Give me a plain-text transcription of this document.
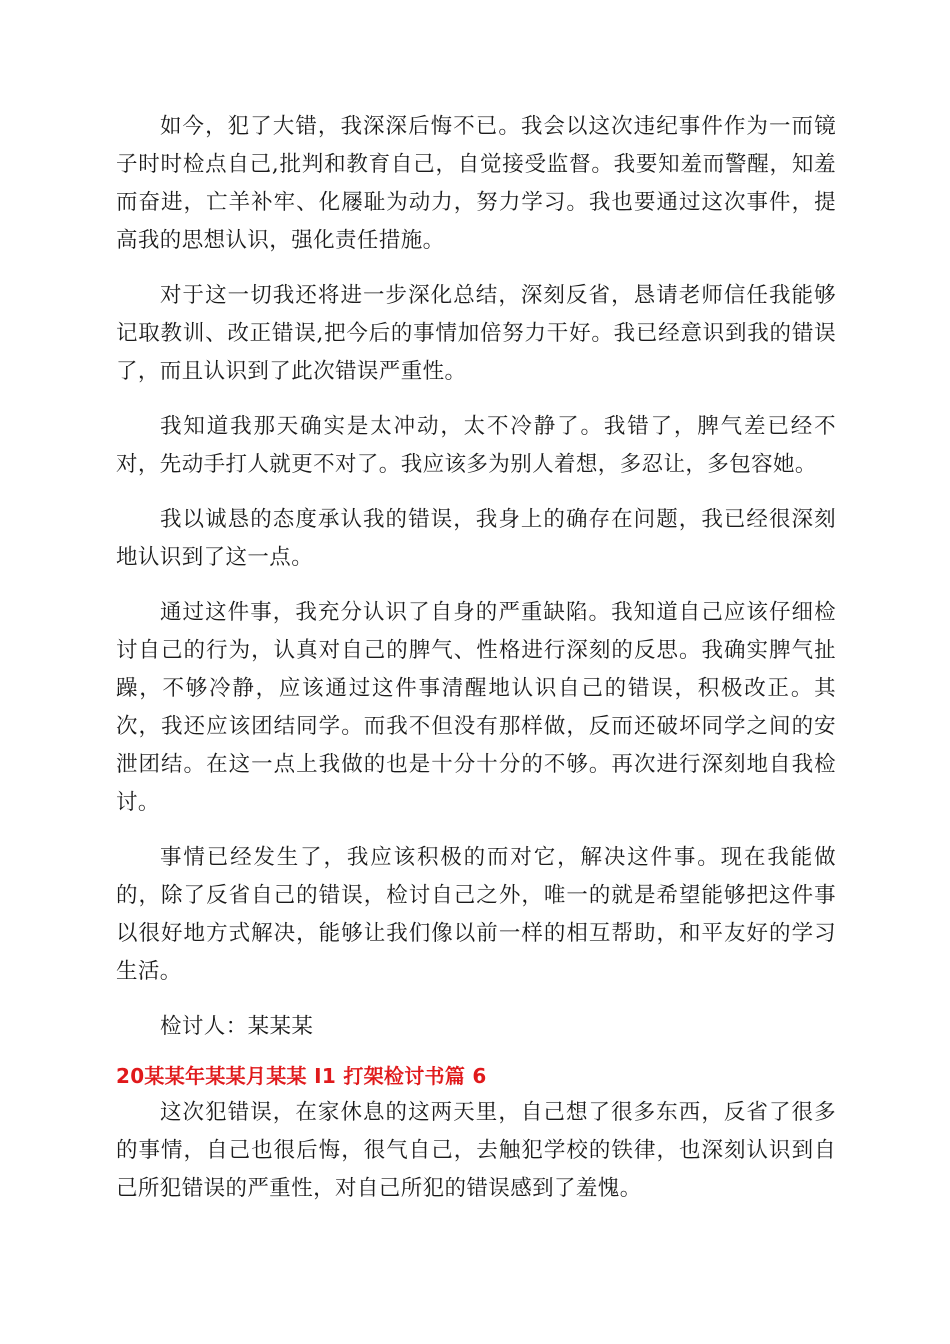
如今，犯了大错，我深深后悔不已。我会以这次违纪事件作为一而镜子时时检点自己,批判和教育自己，自觉接受监督。我要知羞而警醒，知羞而奋进，亡羊补牢、化屦耻为动力，努力学习。我也要通过这次事件，提高我的思想认识，强化责任措施。

对于这一切我还将进一步深化总结，深刻反省，恳请老师信任我能够记取教训、改正错误,把今后的事情加倍努力干好。我已经意识到我的错误了，而且认识到了此次错误严重性。

我知道我那天确实是太冲动，太不冷静了。我错了，脾气差已经不对，先动手打人就更不对了。我应该多为别人着想，多忍让，多包容她。

我以诚恳的态度承认我的错误，我身上的确存在问题，我已经很深刻地认识到了这一点。

通过这件事，我充分认识了自身的严重缺陷。我知道自己应该仔细检讨自己的行为，认真对自己的脾气、性格进行深刻的反思。我确实脾气扯躁，不够冷静，应该通过这件事清醒地认识自己的错误，积极改正。其次，我还应该团结同学。而我不但没有那样做，反而还破坏同学之间的安泄团结。在这一点上我做的也是十分十分的不够。再次进行深刻地自我检讨。

事情已经发生了，我应该积极的而对它，解决这件事。现在我能做的，除了反省自己的错误，检讨自己之外，唯一的就是希望能够把这件事以很好地方式解决，能够让我们像以前一样的相互帮助，和平友好的学习生活。

检讨人：某某某

20某某年某某月某某 I1 打架检讨书篇 6

这次犯错误，在家休息的这两天里，自己想了很多东西，反省了很多的事情，自己也很后悔，很气自己，去触犯学校的铁律，也深刻认识到自己所犯错误的严重性，对自己所犯的错误感到了羞愧。
